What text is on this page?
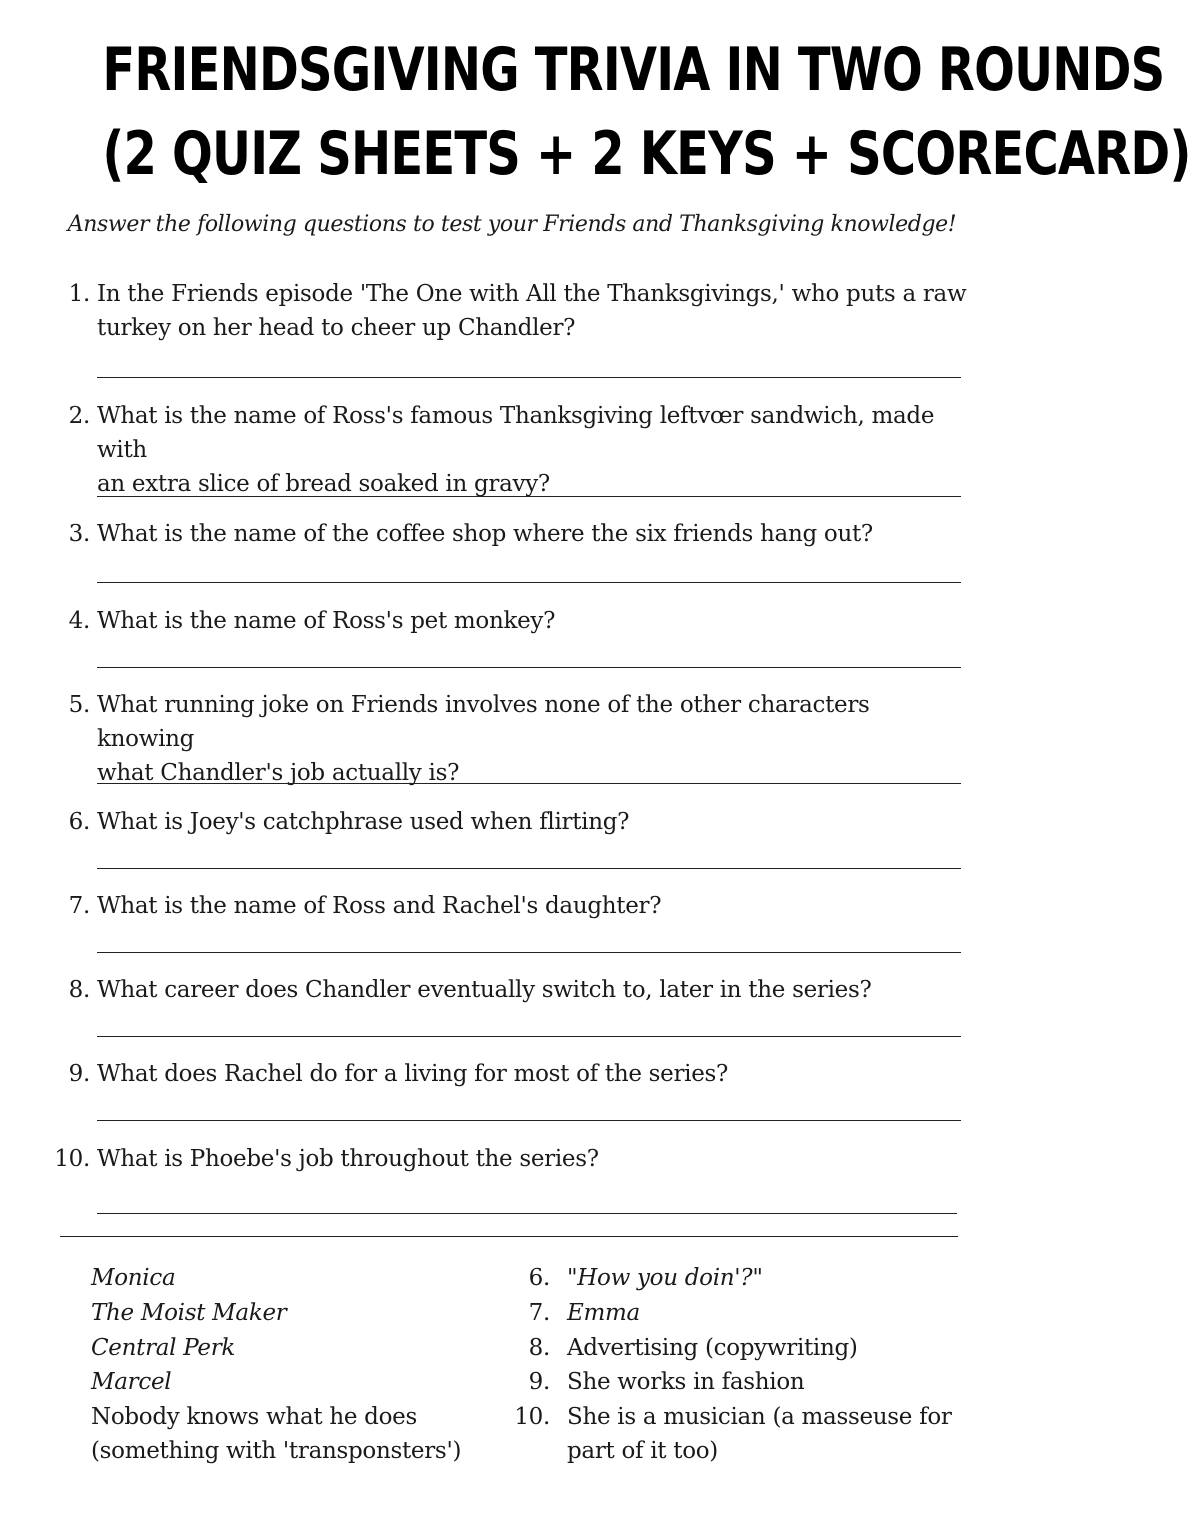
FRIENDSGIVING TRIVIA IN TWO ROUNDS
(2 QUIZ SHEETS + 2 KEYS + SCORECARD)
Answer the following questions to test your Friends and Thanksgiving knowledge!
1. In the Friends episode 'The One with All the Thanksgivings,' who puts a raw
turkey on her head to cheer up Chandler?
2. What is the name of Ross's famous Thanksgiving leftvœr sandwich, made with
an extra slice of bread soaked in gravy?
3. What is the name of the coffee shop where the six friends hang out?
4. What is the name of Ross's pet monkey?
5. What running joke on Friends involves none of the other characters knowing
what Chandler's job actually is?
6. What is Joey's catchphrase used when flirting?
7. What is the name of Ross and Rachel's daughter?
8. What career does Chandler eventually switch to, later in the series?
9. What does Rachel do for a living for most of the series?
10. What is Phoebe's job throughout the series?
Monica
The Moist Maker
Central Perk
Marcel
Nobody knows what he does
(something with 'transponsters')
6. "How you doin'?"
7. Emma
8. Advertising (copywriting)
9. She works in fashion
10. She is a musician (a masseuse for
part of it too)
